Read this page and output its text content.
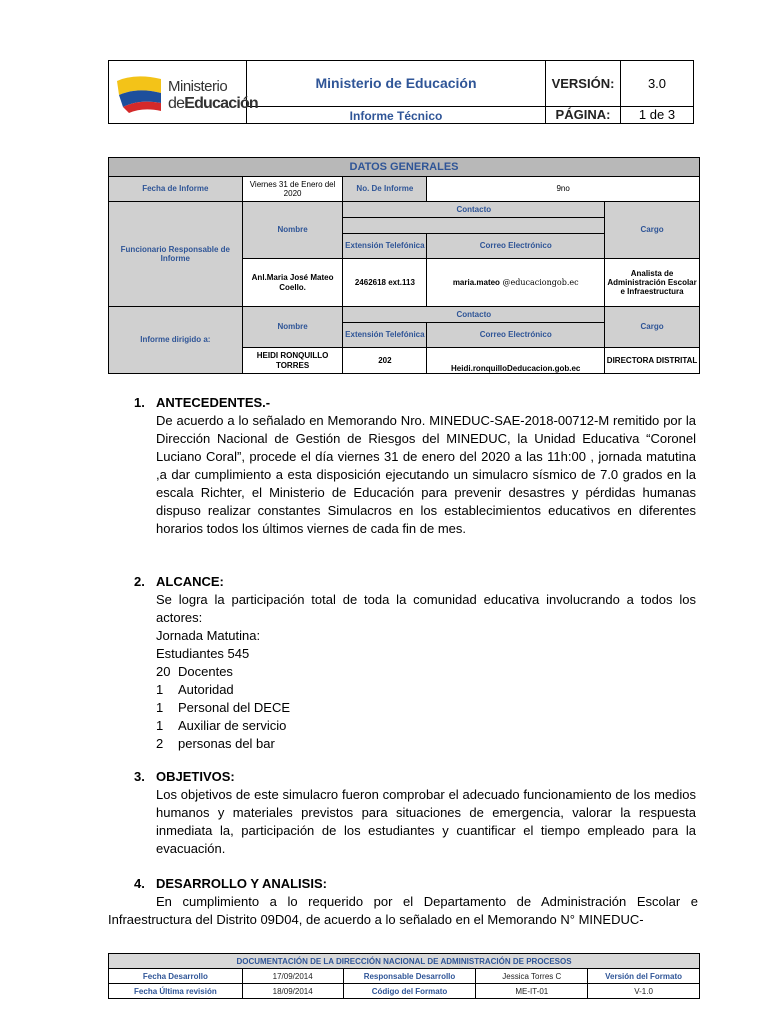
Ministerio
deEducación	Ministerio de Educación	VERSIÓN:	3.0
	Informe Técnico	PÁGINA:	1 de 3
DATOS GENERALES				
Fecha de Informe	Viernes 31 de Enero del 2020	No. De Informe	9no	
Funcionario Responsable de Informe	Nombre	Contacto		Cargo

		Extensión Telefónica	Correo Electrónico	
	Anl.Maria José Mateo Coello.	2462618 ext.113	maria.mateo @educaciongob.ec	Analista de Administración Escolar e Infraestructura
Informe dirigido a:	Nombre	Contacto		Cargo
		Extensión Telefónica	Correo Electrónico	
	HEIDI RONQUILLO TORRES	202	Heidi.ronquilloDeducacion.gob.ec	DIRECTORA DISTRITAL
1. ANTECEDENTES.-
De acuerdo a lo señalado en Memorando Nro. MINEDUC-SAE-2018-00712-M remitido por la Dirección Nacional de Gestión de Riesgos del MINEDUC, la Unidad Educativa “Coronel Luciano Coral”, procede el día viernes 31 de enero del 2020 a las 11h:00 , jornada matutina ,a dar cumplimiento a esta disposición ejecutando un simulacro sísmico de 7.0 grados en la escala Richter, el Ministerio de Educación para prevenir desastres y pérdidas humanas dispuso realizar constantes Simulacros en los establecimientos educativos en diferentes horarios todos los últimos viernes de cada fin de mes.
2. ALCANCE:
Se logra la participación total de toda la comunidad educativa involucrando a todos los actores:
Jornada Matutina:
Estudiantes 545
20 Docentes
1 Autoridad
1 Personal del DECE
1 Auxiliar de servicio
2 personas del bar
3. OBJETIVOS:
Los objetivos de este simulacro fueron comprobar el adecuado funcionamiento de los medios humanos y materiales previstos para situaciones de emergencia, valorar la respuesta inmediata la, participación de los estudiantes y cuantificar el tiempo empleado para la evacuación.
4. DESARROLLO Y ANALISIS:
En cumplimiento a lo requerido por el Departamento de Administración Escolar e Infraestructura del Distrito 09D04, de acuerdo a lo señalado en el Memorando N° MINEDUC-
DOCUMENTACIÓN DE LA DIRECCIÓN NACIONAL DE ADMINISTRACIÓN DE PROCESOS				
Fecha Desarrollo	17/09/2014	Responsable Desarrollo	Jessica Torres C	Versión del Formato
Fecha Última revisión	18/09/2014	Código del Formato	ME-IT-01	V-1.0
